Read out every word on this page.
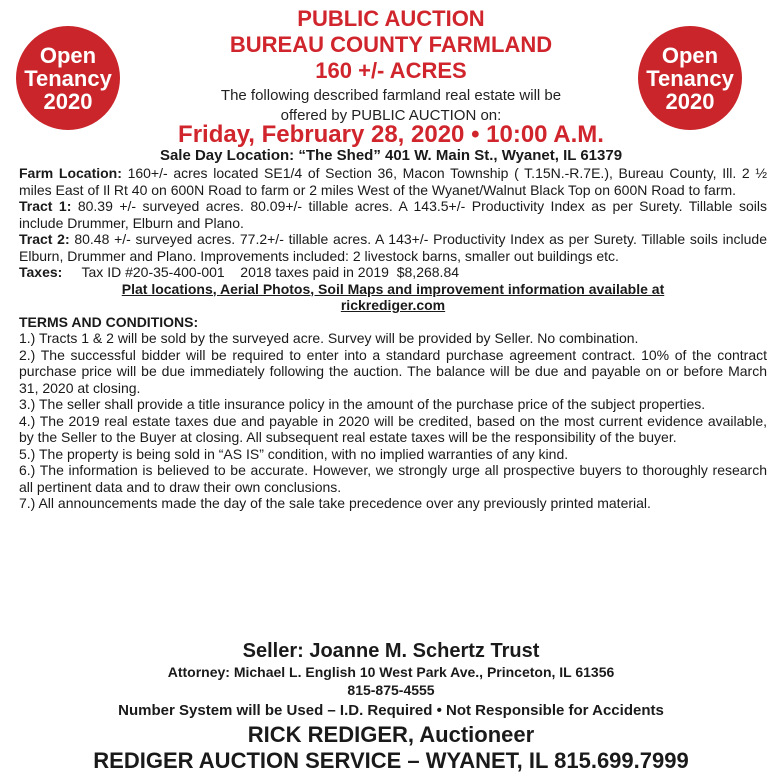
Open
Tenancy
2020
Open
Tenancy
2020
PUBLIC AUCTION
BUREAU COUNTY FARMLAND
160 +/- ACRES
The following described farmland real estate will be
offered by PUBLIC AUCTION on:
Friday, February 28, 2020 • 10:00 A.M.
Sale Day Location: “The Shed” 401 W. Main St., Wyanet, IL 61379

Farm Location: 160+/- acres located SE1/4 of Section 36, Macon Township ( T.15N.-R.7E.), Bureau County, Ill. 2 ½ miles East of Il Rt 40 on 600N Road to farm or 2 miles West of the Wyanet/Walnut Black Top on 600N Road to farm.

Tract 1: 80.39 +/- surveyed acres. 80.09+/- tillable acres. A 143.5+/- Productivity Index as per Surety. Tillable soils include Drummer, Elburn and Plano.

Tract 2: 80.48 +/- surveyed acres. 77.2+/- tillable acres. A 143+/- Productivity Index as per Surety. Tillable soils include Elburn, Drummer and Plano. Improvements included: 2 livestock barns, smaller out buildings etc.

Taxes:     Tax ID #20-35-400-001    2018 taxes paid in 2019  $8,268.84

Plat locations, Aerial Photos, Soil Maps and improvement information available at

rickrediger.com

TERMS AND CONDITIONS:

1.) Tracts 1 & 2 will be sold by the surveyed acre. Survey will be provided by Seller. No combination.

2.) The successful bidder will be required to enter into a standard purchase agreement contract. 10% of the contract purchase price will be due immediately following the auction. The balance will be due and payable on or before March 31, 2020 at closing.

3.) The seller shall provide a title insurance policy in the amount of the purchase price of the subject properties.

4.) The 2019 real estate taxes due and payable in 2020 will be credited, based on the most current evidence available, by the Seller to the Buyer at closing. All subsequent real estate taxes will be the responsibility of the buyer.

5.) The property is being sold in “AS IS” condition, with no implied warranties of any kind.

6.) The information is believed to be accurate. However, we strongly urge all prospective buyers to thoroughly research all pertinent data and to draw their own conclusions.

7.) All announcements made the day of the sale take precedence over any previously printed material.

Seller: Joanne M. Schertz Trust
Attorney: Michael L. English 10 West Park Ave., Princeton, IL 61356
815-875-4555
Number System will be Used – I.D. Required • Not Responsible for Accidents
RICK REDIGER, Auctioneer
REDIGER AUCTION SERVICE – WYANET, IL 815.699.7999
